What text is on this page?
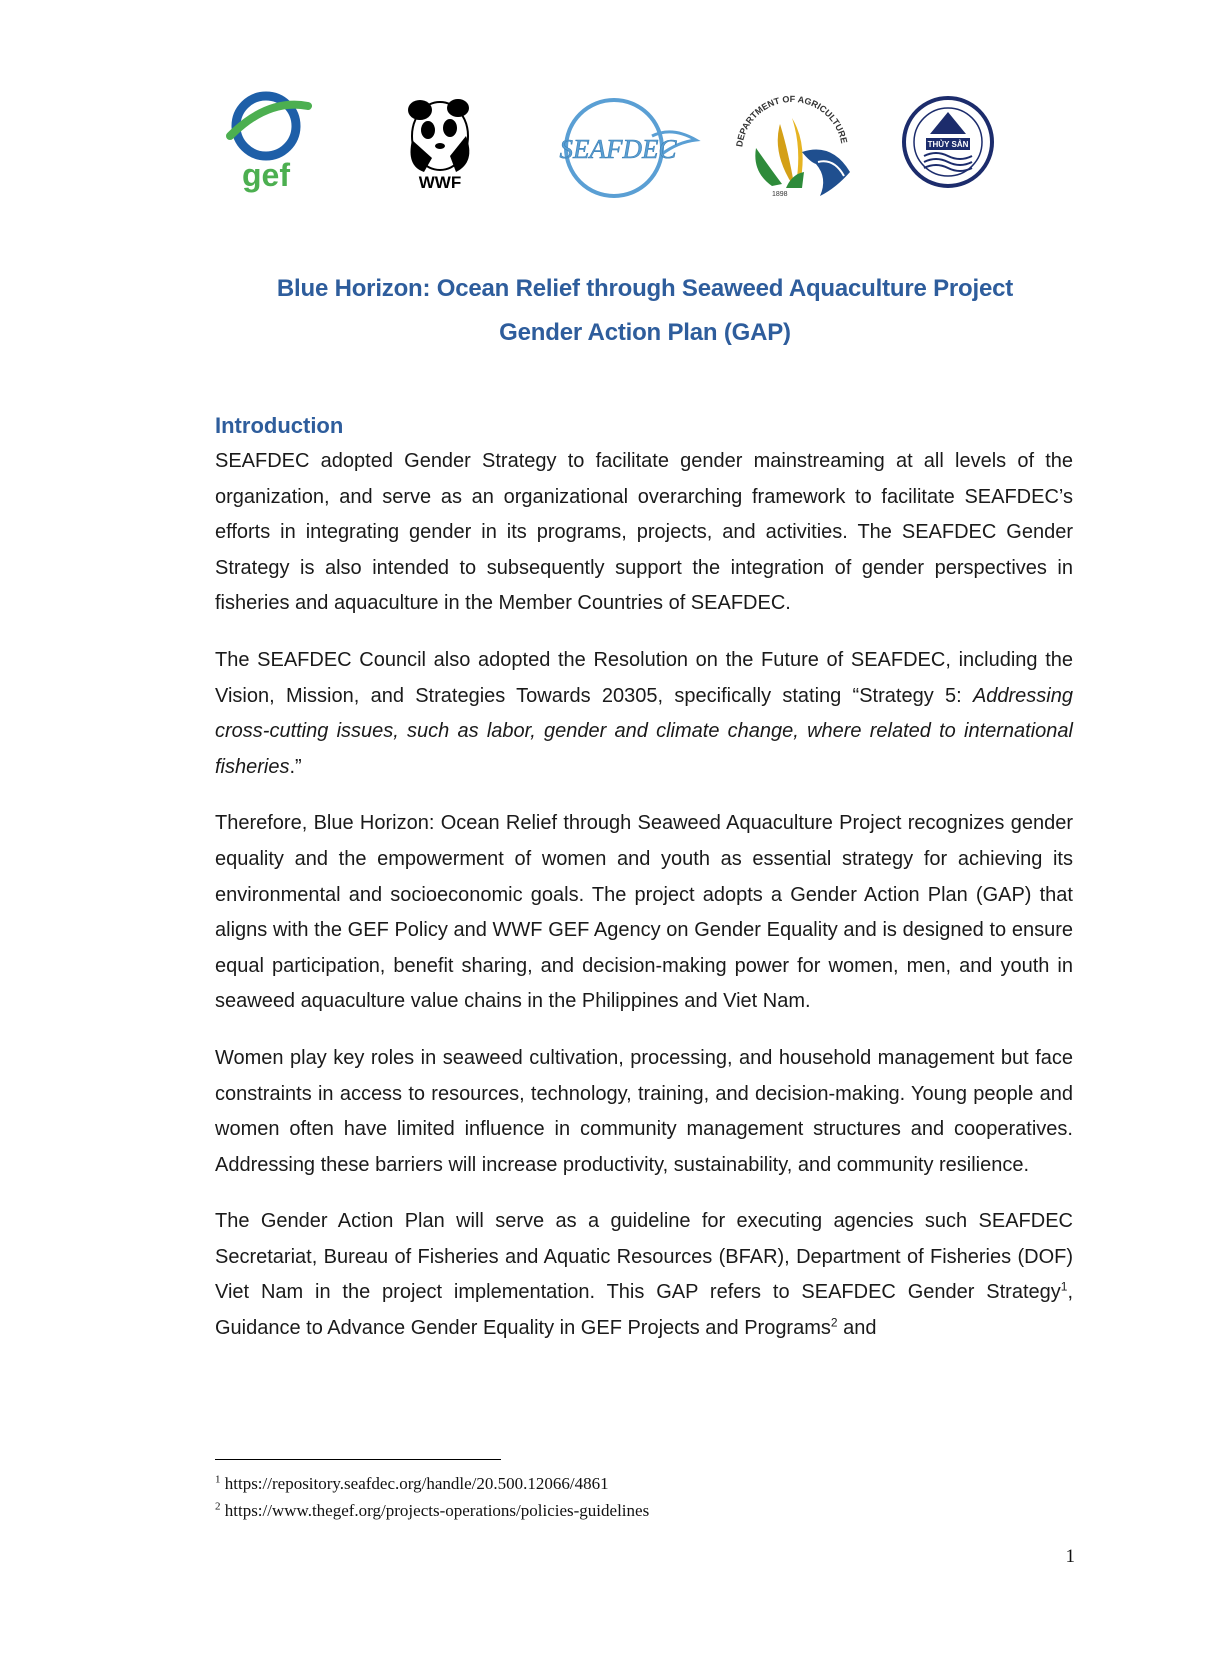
gef	WWF
SEAFDEC	DEPARTMENT OF AGRICULTURE
1898
THỦY SẢN
Blue Horizon: Ocean Relief through Seaweed Aquaculture Project
Gender Action Plan (GAP)
Introduction

SEAFDEC adopted Gender Strategy to facilitate gender mainstreaming at all levels of the organization, and serve as an organizational overarching framework to facilitate SEAFDEC’s efforts in integrating gender in its programs, projects, and activities. The SEAFDEC Gender Strategy is also intended to subsequently support the integration of gender perspectives in fisheries and aquaculture in the Member Countries of SEAFDEC.

The SEAFDEC Council also adopted the Resolution on the Future of SEAFDEC, including the Vision, Mission, and Strategies Towards 20305, specifically stating “Strategy 5: Addressing cross-cutting issues, such as labor, gender and climate change, where related to international fisheries.”

Therefore, Blue Horizon: Ocean Relief through Seaweed Aquaculture Project recognizes gender equality and the empowerment of women and youth as essential strategy for achieving its environmental and socioeconomic goals. The project adopts a Gender Action Plan (GAP) that aligns with the GEF Policy and WWF GEF Agency on Gender Equality and is designed to ensure equal participation, benefit sharing, and decision-making power for women, men, and youth in seaweed aquaculture value chains in the Philippines and Viet Nam.

Women play key roles in seaweed cultivation, processing, and household management but face constraints in access to resources, technology, training, and decision-making. Young people and women often have limited influence in community management structures and cooperatives. Addressing these barriers will increase productivity, sustainability, and community resilience.

The Gender Action Plan will serve as a guideline for executing agencies such SEAFDEC Secretariat, Bureau of Fisheries and Aquatic Resources (BFAR), Department of Fisheries (DOF) Viet Nam in the project implementation. This GAP refers to SEAFDEC Gender Strategy$^1$, Guidance to Advance Gender Equality in GEF Projects and Programs$^2$ and

$^1$ https://repository.seafdec.org/handle/20.500.12066/4861
$^2$ https://www.thegef.org/projects-operations/policies-guidelines
1
